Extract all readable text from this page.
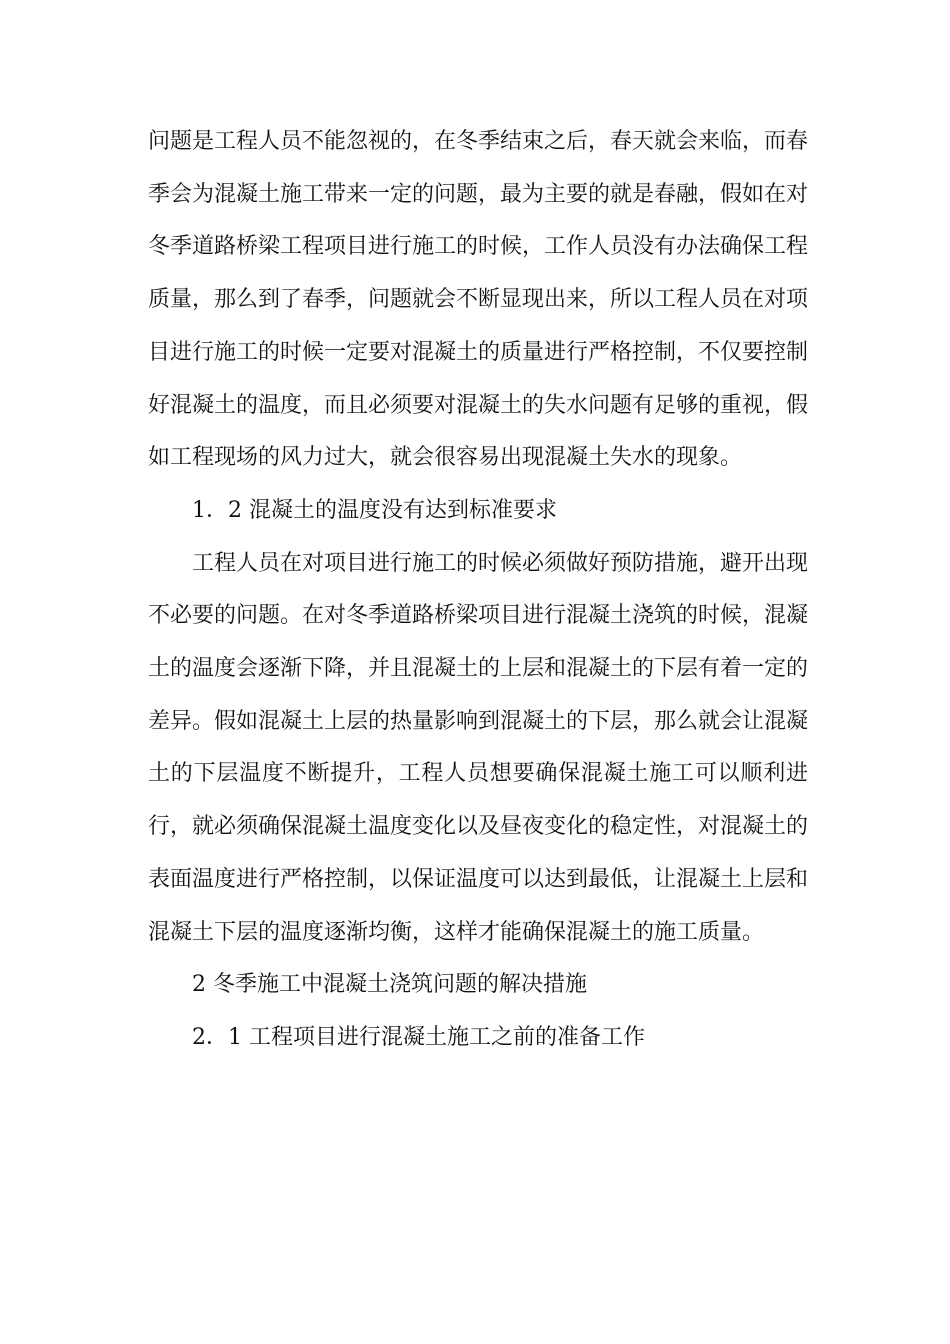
问题是工程人员不能忽视的，在冬季结束之后，春天就会来临，而春季会为混凝土施工带来一定的问题，最为主要的就是春融，假如在对冬季道路桥梁工程项目进行施工的时候，工作人员没有办法确保工程质量，那么到了春季，问题就会不断显现出来，所以工程人员在对项目进行施工的时候一定要对混凝土的质量进行严格控制，不仅要控制好混凝土的温度，而且必须要对混凝土的失水问题有足够的重视，假如工程现场的风力过大，就会很容易出现混凝土失水的现象。

1．2 混凝土的温度没有达到标准要求

工程人员在对项目进行施工的时候必须做好预防措施，避开出现不必要的问题。在对冬季道路桥梁项目进行混凝土浇筑的时候，混凝土的温度会逐渐下降，并且混凝土的上层和混凝土的下层有着一定的差异。假如混凝土上层的热量影响到混凝土的下层，那么就会让混凝土的下层温度不断提升，工程人员想要确保混凝土施工可以顺利进行，就必须确保混凝土温度变化以及昼夜变化的稳定性，对混凝土的表面温度进行严格控制，以保证温度可以达到最低，让混凝土上层和混凝土下层的温度逐渐均衡，这样才能确保混凝土的施工质量。

2 冬季施工中混凝土浇筑问题的解决措施

2．1 工程项目进行混凝土施工之前的准备工作
